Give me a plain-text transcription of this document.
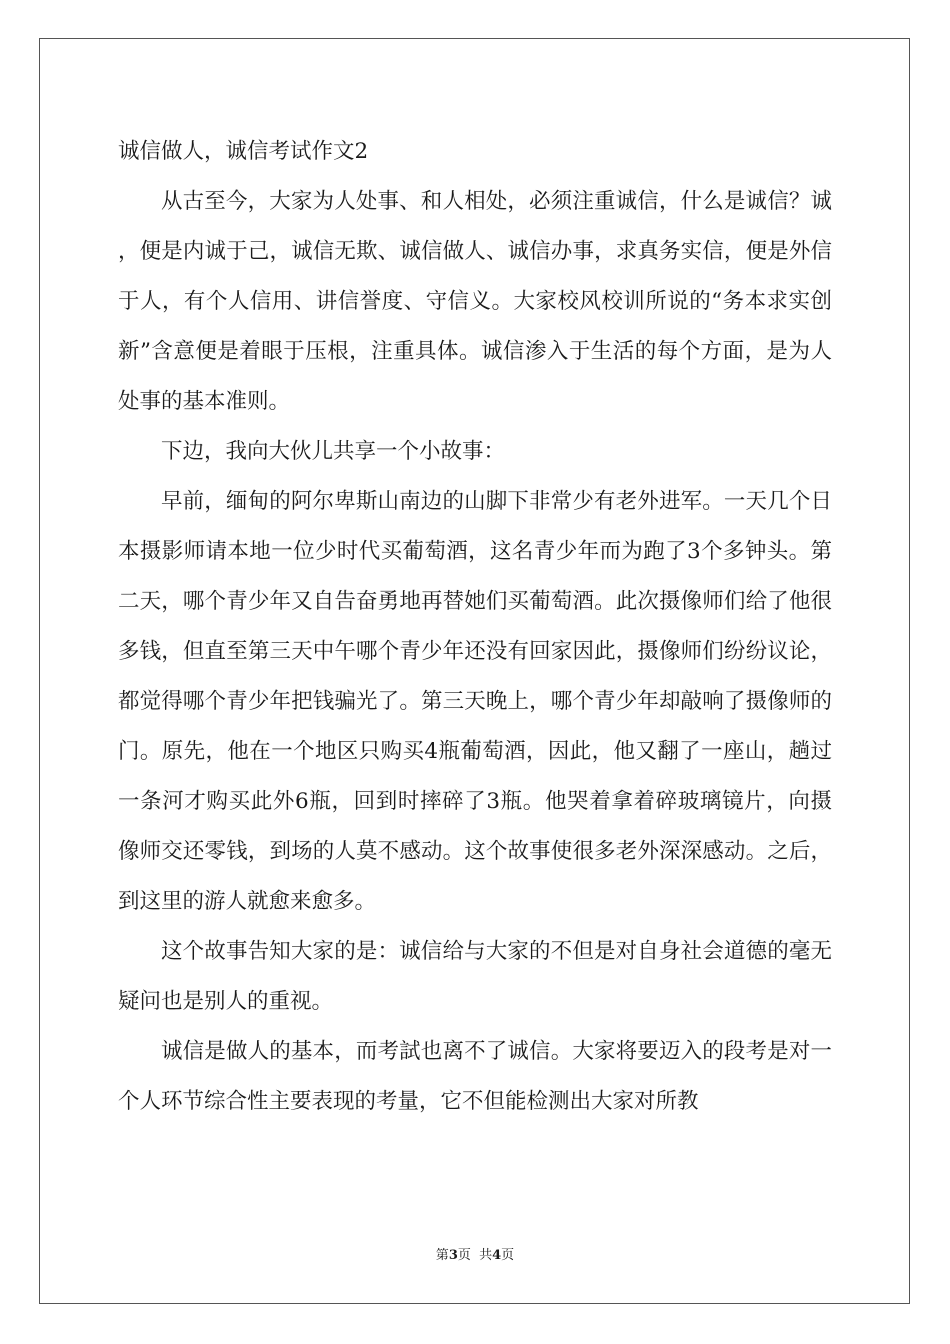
诚信做人，诚信考试作文2

从古至今，大家为人处事、和人相处，必须注重诚信，什么是诚信？诚，便是内诚于己，诚信无欺、诚信做人、诚信办事，求真务实信，便是外信于人，有个人信用、讲信誉度、守信义。大家校风校训所说的“务本求实创新”含意便是着眼于压根，注重具体。诚信渗入于生活的每个方面，是为人处事的基本准则。

下边，我向大伙儿共享一个小故事：

早前，缅甸的阿尔卑斯山南边的山脚下非常少有老外进军。一天几个日本摄影师请本地一位少时代买葡萄酒，这名青少年而为跑了3个多钟头。第二天，哪个青少年又自告奋勇地再替她们买葡萄酒。此次摄像师们给了他很多钱，但直至第三天中午哪个青少年还没有回家因此，摄像师们纷纷议论，都觉得哪个青少年把钱骗光了。第三天晚上，哪个青少年却敲响了摄像师的门。原先，他在一个地区只购买4瓶葡萄酒，因此，他又翻了一座山，趟过一条河才购买此外6瓶，回到时摔碎了3瓶。他哭着拿着碎玻璃镜片，向摄像师交还零钱，到场的人莫不感动。这个故事使很多老外深深感动。之后，到这里的游人就愈来愈多。

这个故事告知大家的是：诚信给与大家的不但是对自身社会道德的毫无疑问也是别人的重视。

诚信是做人的基本，而考試也离不了诚信。大家将要迈入的段考是对一个人环节综合性主要表现的考量，它不但能检测出大家对所教

第3页  共4页
